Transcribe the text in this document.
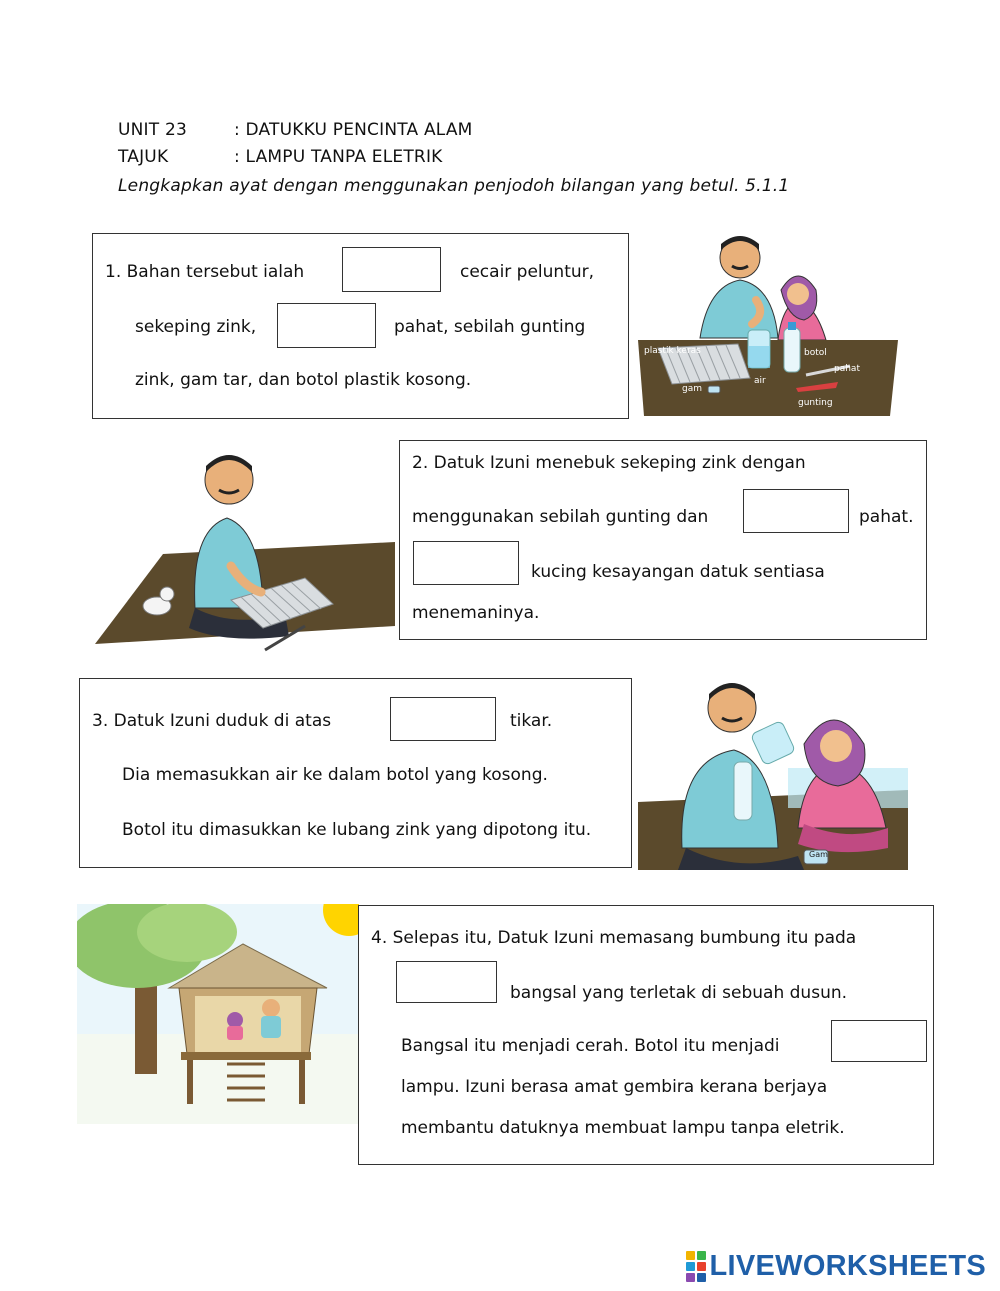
UNIT 23	: DATUKKU PENCINTA ALAM
TAJUK	: LAMPU TANPA ELETRIK
Lengkapkan ayat dengan menggunakan penjodoh bilangan yang betul. 5.1.1
1. Bahan tersebut ialah	cecair peluntur,
sekeping zink,	pahat, sebilah gunting
zink, gam tar, dan botol plastik kosong.
plastik keras	botol
pahat
gam
air
gunting
2. Datuk Izuni menebuk sekeping zink dengan
menggunakan sebilah gunting dan	pahat.
kucing kesayangan datuk sentiasa
menemaninya.
3. Datuk Izuni duduk di atas	tikar.
Dia memasukkan air ke dalam botol yang kosong.
Botol itu dimasukkan ke lubang zink yang dipotong itu.
Gam
4. Selepas itu, Datuk Izuni memasang bumbung itu pada
bangsal yang terletak di sebuah dusun.
Bangsal itu menjadi cerah. Botol itu menjadi
lampu. Izuni berasa amat gembira kerana berjaya
membantu datuknya membuat lampu tanpa eletrik.
LIVEWORKSHEETS
